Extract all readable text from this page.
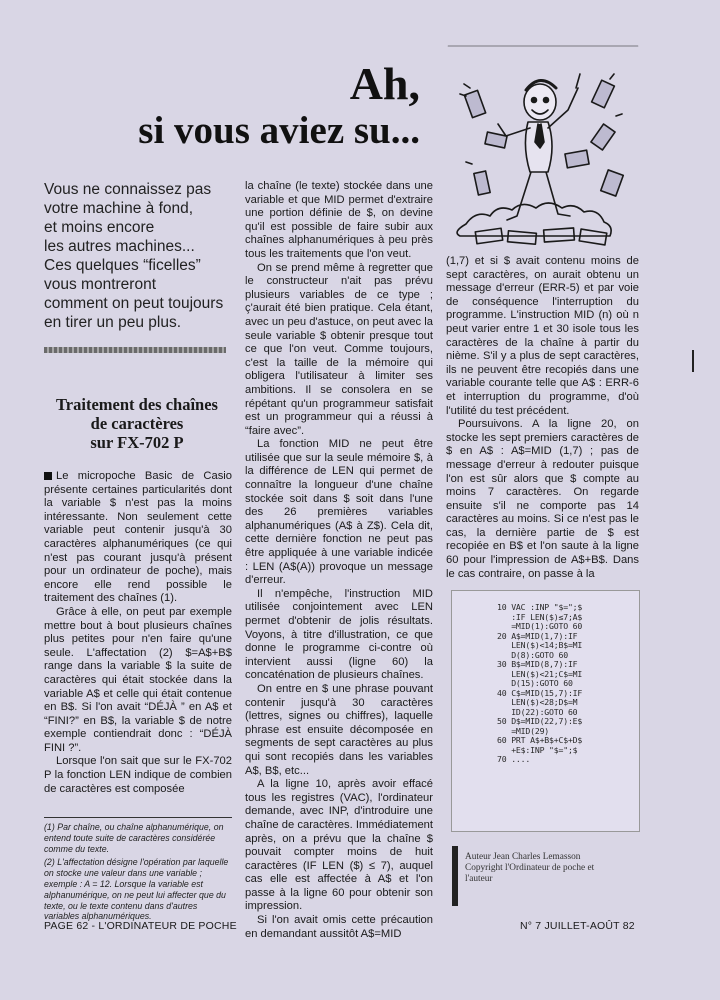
Ah,
si vous aviez su...
Vous ne connaissez pas
votre machine à fond,
et moins encore
les autres machines...
Ces quelques “ficelles”
vous montreront
comment on peut toujours
en tirer un peu plus.
Traitement des chaînes
de caractères
sur FX-702 P

Le micropoche Basic de Casio présente certaines particularités dont la variable $ n'est pas la moins intéressante. Non seulement cette variable peut contenir jusqu'à 30 caractères alphanumériques (ce qui n'est pas courant jusqu'à présent pour un ordinateur de poche), mais encore elle rend possible le traitement des chaînes (1).

Grâce à elle, on peut par exemple mettre bout à bout plusieurs chaînes plus petites pour n'en faire qu'une seule. L'affectation (2) $=A$+B$ range dans la variable $ la suite de caractères qui était stockée dans la variable A$ et celle qui était contenue en B$. Si l'on avait “DÉJÀ ” en A$ et “FINI?” en B$, la variable $ de notre exemple contiendrait donc : “DÉJÀ FINI ?”.

Lorsque l'on sait que sur le FX-702 P la fonction LEN indique de combien de caractères est composée

(1) Par chaîne, ou chaîne alphanumérique, on entend toute suite de caractères considérée comme du texte.

(2) L'affectation désigne l'opération par laquelle on stocke une valeur dans une variable ; exemple : A = 12. Lorsque la variable est alphanumérique, on ne peut lui affecter que du texte, ou le texte contenu dans d'autres variables alphanumériques.

la chaîne (le texte) stockée dans une variable et que MID permet d'extraire une portion définie de $, on devine qu'il est possible de faire subir aux chaînes alphanumériques à peu près tous les traitements que l'on veut.

On se prend même à regretter que le constructeur n'ait pas prévu plusieurs variables de ce type ; ç'aurait été bien pratique. Cela étant, avec un peu d'astuce, on peut avec la seule variable $ obtenir presque tout ce que l'on veut. Comme toujours, c'est la taille de la mémoire qui obligera l'utilisateur à limiter ses ambitions. Il se consolera en se répétant qu'un programmeur satisfait est un programmeur qui a réussi à “faire avec”.

La fonction MID ne peut être utilisée que sur la seule mémoire $, à la différence de LEN qui permet de connaître la longueur d'une chaîne stockée soit dans $ soit dans l'une des 26 premières variables alphanumériques (A$ à Z$). Cela dit, cette dernière fonction ne peut pas être appliquée à une variable indicée : LEN (A$(A)) provoque un message d'erreur.

Il n'empêche, l'instruction MID utilisée conjointement avec LEN permet d'obtenir de jolis résultats. Voyons, à titre d'illustration, ce que donne le programme ci-contre où intervient aussi (ligne 60) la concaténation de plusieurs chaînes.

On entre en $ une phrase pouvant contenir jusqu'à 30 caractères (lettres, signes ou chiffres), laquelle phrase est ensuite décomposée en segments de sept caractères au plus qui sont recopiés dans les variables A$, B$, etc...

A la ligne 10, après avoir effacé tous les registres (VAC), l'ordinateur demande, avec INP, d'introduire une chaîne de caractères. Immédiatement après, on a prévu que la chaîne $ pouvait compter moins de huit caractères (IF LEN ($) ≤ 7), auquel cas elle est affectée à A$ et l'on passe à la ligne 60 pour obtenir son impression.

Si l'on avait omis cette précaution en demandant aussitôt A$=MID

(1,7) et si $ avait contenu moins de sept caractères, on aurait obtenu un message d'erreur (ERR-5) et par voie de conséquence l'interruption du programme. L'instruction MID (n) où n peut varier entre 1 et 30 isole tous les caractères de la chaîne à partir du nième. S'il y a plus de sept caractères, ils ne peuvent être recopiés dans une variable courante telle que A$ : ERR-6 et interruption du programme, d'où l'utilité du test précédent.

Poursuivons. A la ligne 20, on stocke les sept premiers caractères de $ en A$ : A$=MID (1,7) ; pas de message d'erreur à redouter puisque l'on est sûr alors que $ compte au moins 7 caractères. On regarde ensuite s'il ne comporte pas 14 caractères au moins. Si ce n'est pas le cas, la dernière partie de $ est recopiée en B$ et l'on saute à la ligne 60 pour l'impression de A$+B$. Dans le cas contraire, on passe à la

10 VAC :INP "$=";$
:IF LEN($)≤7;A$
=MID(1):GOTO 60
20 A$=MID(1,7):IF
LEN($)<14;B$=MI
D(8):GOTO 60
30 B$=MID(8,7):IF
LEN($)<21;C$=MI
D(15):GOTO 60
40 C$=MID(15,7):IF
LEN($)<28;D$=M
ID(22):GOTO 60
50 D$=MID(22,7):E$
=MID(29)
60 PRT A$+B$+C$+D$
+E$:INP "$=";$
70 ....
Auteur Jean Charles Lemasson
Copyright l'Ordinateur de poche et
l'auteur
PAGE 62 - L'ORDINATEUR DE POCHE	N° 7 JUILLET-AOÛT 82
